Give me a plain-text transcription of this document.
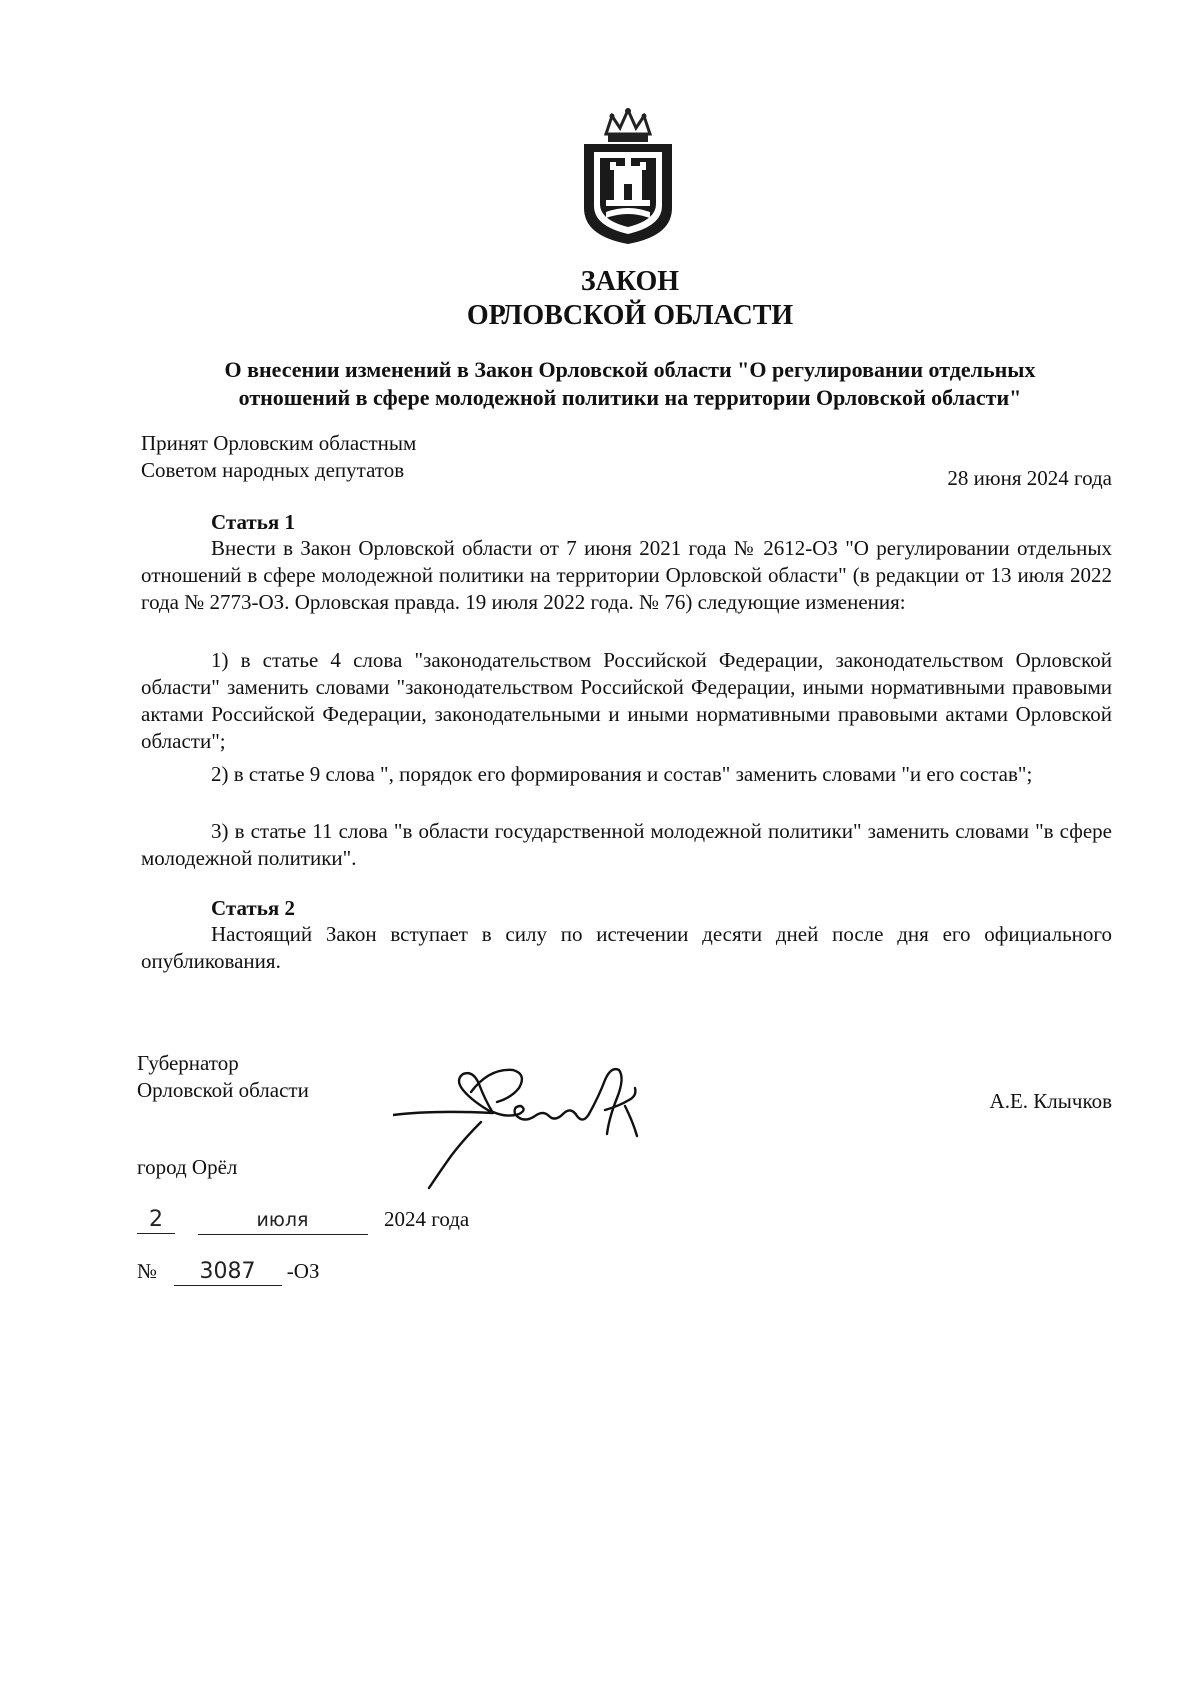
ЗАКОН
ОРЛОВСКОЙ ОБЛАСТИ
О внесении изменений в Закон Орловской области "О регулировании отдельных
отношений в сфере молодежной политики на территории Орловской области"
Принят Орловским областным
Советом народных депутатов	28 июня 2024 года
Статья 1
Внести в Закон Орловской области от 7 июня 2021 года № 2612-ОЗ "О регулировании отдельных отношений в сфере молодежной политики на территории Орловской области" (в редакции от 13 июля 2022 года № 2773-ОЗ. Орловская правда. 19 июля 2022 года. № 76) следующие изменения:
1) в статье 4 слова "законодательством Российской Федерации, законодательством Орловской области" заменить словами "законодательством Российской Федерации, иными нормативными правовыми актами Российской Федерации, законодательными и иными нормативными правовыми актами Орловской области";
2) в статье 9 слова ", порядок его формирования и состав" заменить словами "и его состав";
3) в статье 11 слова "в области государственной молодежной политики" заменить словами "в сфере молодежной политики".
Статья 2
Настоящий Закон вступает в силу по истечении десяти дней после дня его официального опубликования.
Губернатор
Орловской области	А.Е. Клычков
город Орёл
2	июля	2024 года
№ 3087 -ОЗ
